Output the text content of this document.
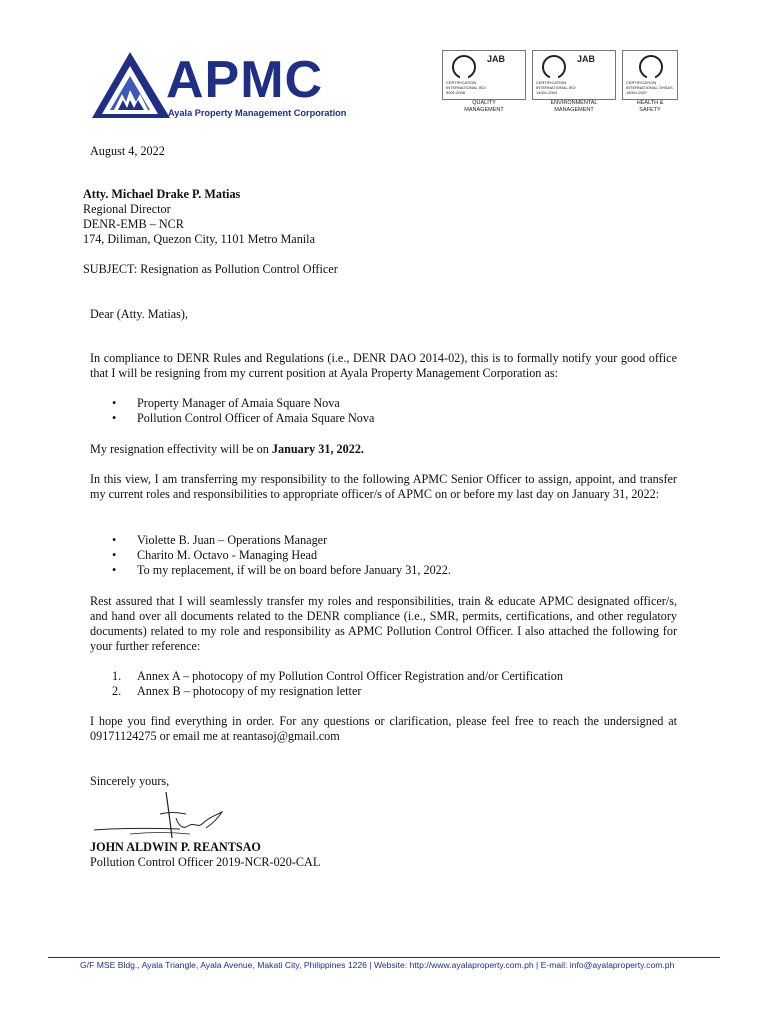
APMC
Ayala Property Management Corporation
JAB
CERTIFICATION INTERNATIONAL ISO 9001:2008
QUALITY
MANAGEMENT
JAB
CERTIFICATION INTERNATIONAL ISO 14001:2004
ENVIRONMENTAL
MANAGEMENT
CERTIFICATION INTERNATIONAL OHSAS 18001:2007
HEALTH &
SAFETY
August 4, 2022
Atty. Michael Drake P. Matias
Regional Director
DENR-EMB – NCR
174, Diliman, Quezon City, 1101 Metro Manila
SUBJECT: Resignation as Pollution Control Officer
Dear (Atty. Matias),
In compliance to DENR Rules and Regulations (i.e., DENR DAO 2014-02), this is to formally notify your good office that I will be resigning from my current position at Ayala Property Management Corporation as:
• Property Manager of Amaia Square Nova
• Pollution Control Officer of Amaia Square Nova
My resignation effectivity will be on January 31, 2022.
In this view, I am transferring my responsibility to the following APMC Senior Officer to assign, appoint, and transfer my current roles and responsibilities to appropriate officer/s of APMC on or before my last day on January 31, 2022:
• Violette B. Juan – Operations Manager
• Charito M. Octavo - Managing Head
• To my replacement, if will be on board before January 31, 2022.
Rest assured that I will seamlessly transfer my roles and responsibilities, train & educate APMC designated officer/s, and hand over all documents related to the DENR compliance (i.e., SMR, permits, certifications, and other regulatory documents) related to my role and responsibility as APMC Pollution Control Officer. I also attached the following for your further reference:
1. Annex A – photocopy of my Pollution Control Officer Registration and/or Certification
2. Annex B – photocopy of my resignation letter
I hope you find everything in order. For any questions or clarification, please feel free to reach the undersigned at 09171124275 or email me at reantasoj@gmail.com
Sincerely yours,
JOHN ALDWIN P. REANTSAO
Pollution Control Officer 2019-NCR-020-CAL
G/F MSE Bldg., Ayala Triangle, Ayala Avenue, Makati City, Philippines 1226 | Website: http://www.ayalaproperty.com.ph | E-mail: info@ayalaproperty.com.ph
